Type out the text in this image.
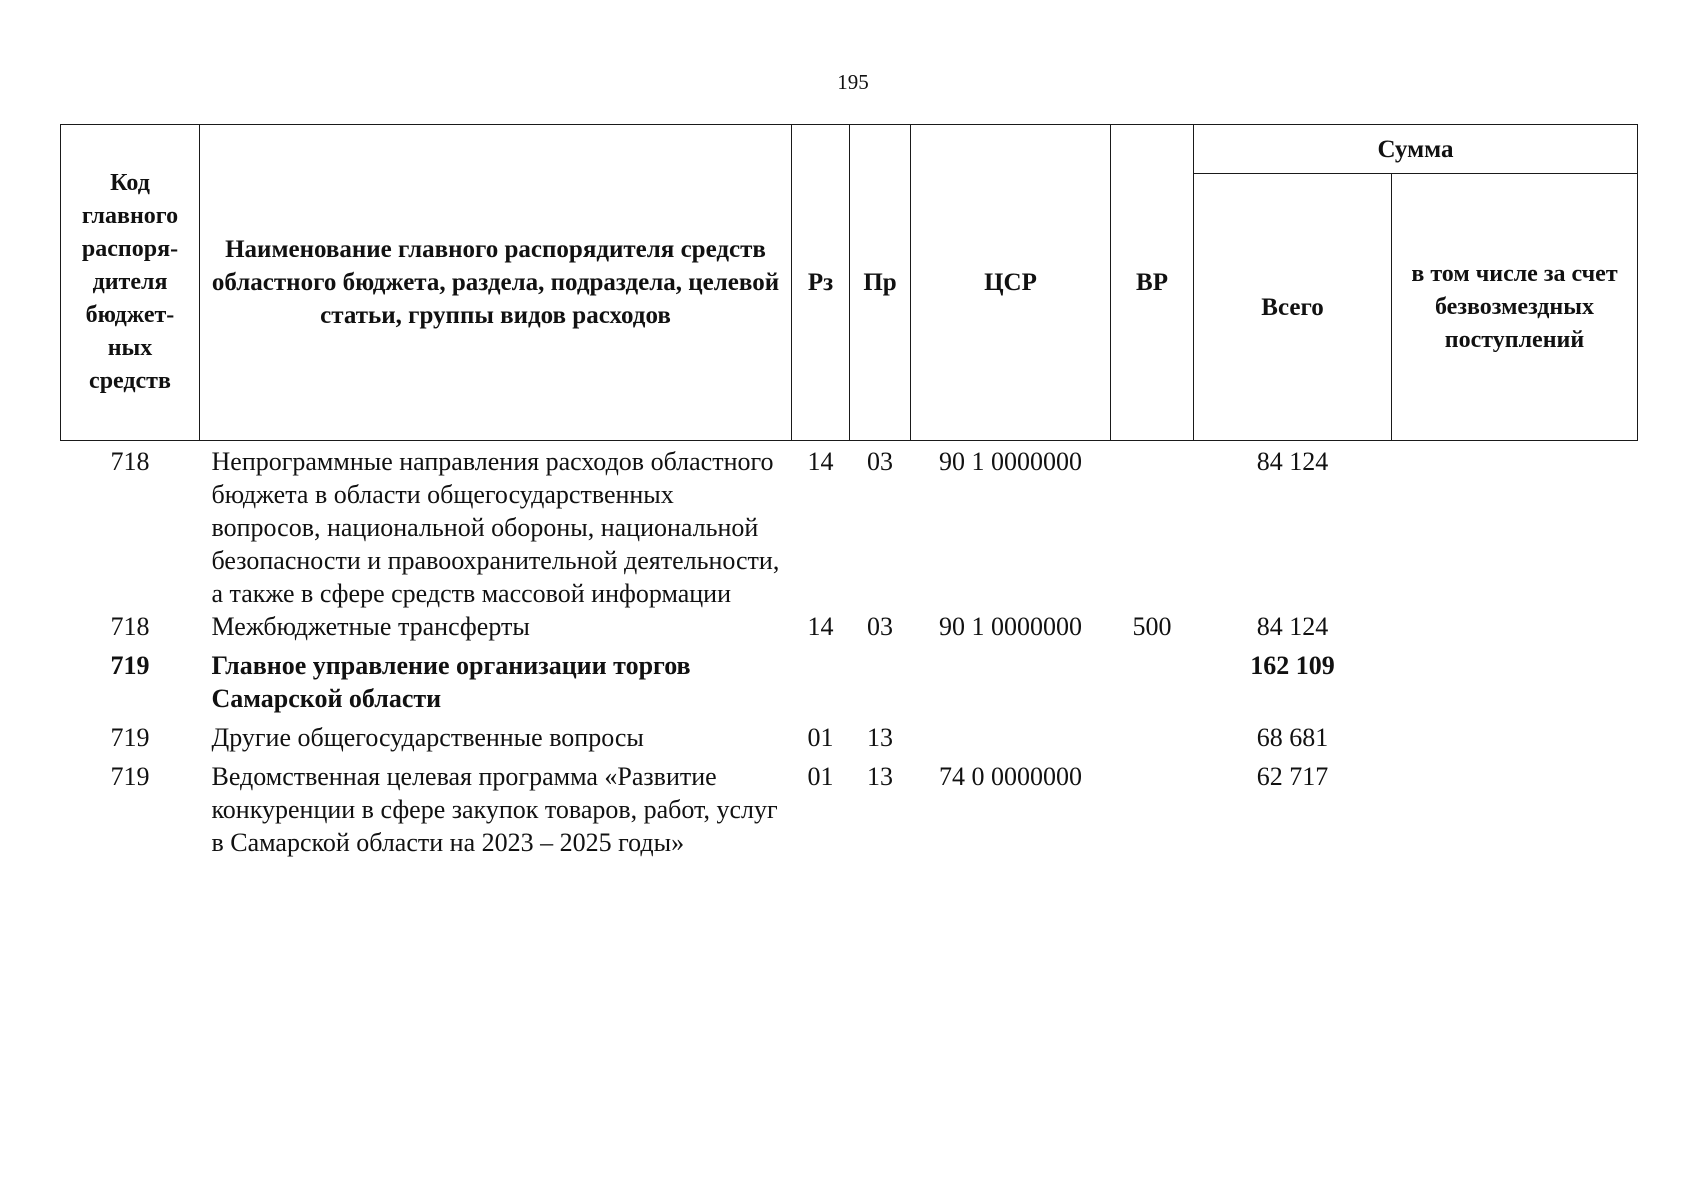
195
Код главного распоря-дителя бюджет-ных средств	Наименование главного распорядителя средств областного бюджета, раздела, подраздела, целевой статьи, группы видов расходов	Рз	Пр	ЦСР	ВР	Сумма	
						Всего	в том числе за счет безвозмездных поступлений
718	Непрограммные направления расходов областного бюджета в области общегосударственных вопросов, национальной обороны, национальной безопасности и правоохранительной деятельности, а также в сфере средств массовой информации	14	03	90 1 0000000		84 124	
718	Межбюджетные трансферты	14	03	90 1 0000000	500	84 124	
719	Главное управление организации торгов Самарской области					162 109	
719	Другие общегосударственные вопросы	01	13			68 681	
719	Ведомственная целевая программа «Развитие конкуренции в сфере закупок товаров, работ, услуг в Самарской области на 2023 – 2025 годы»	01	13	74 0 0000000		62 717	
